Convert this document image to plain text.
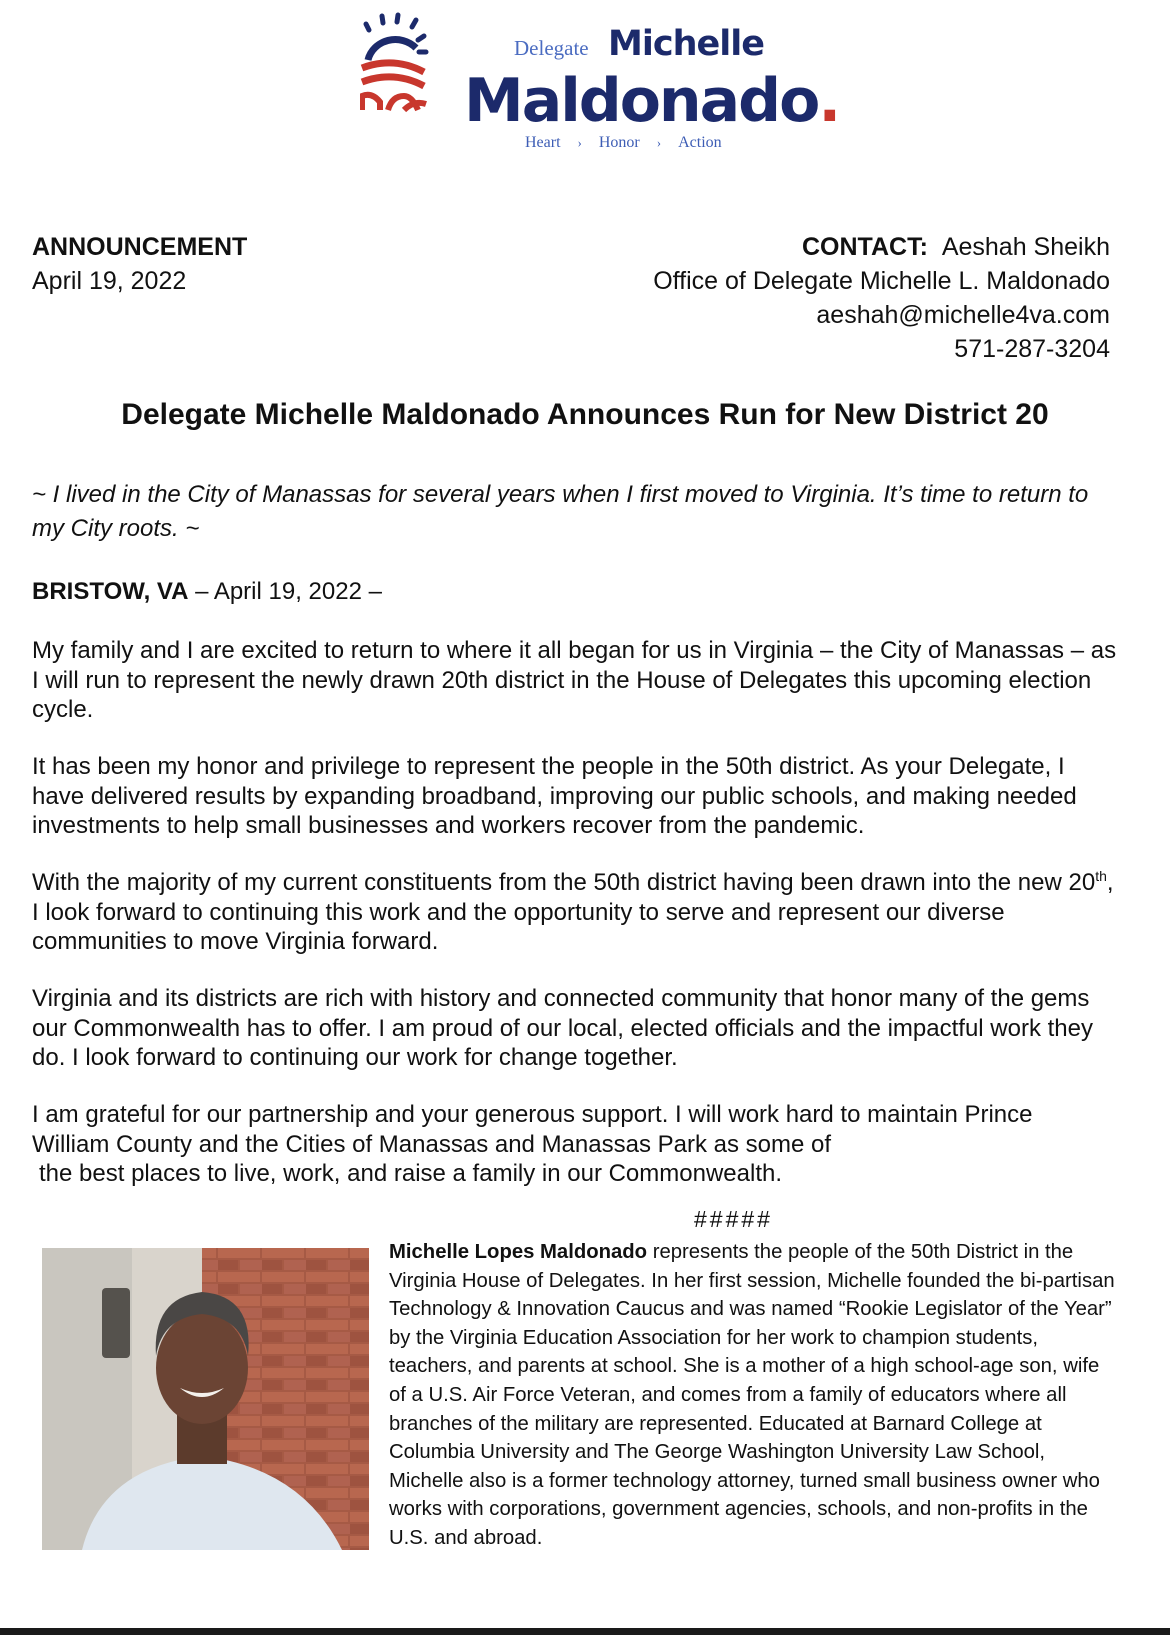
Delegate Michelle
Maldonado.
Heart › Honor › Action
ANNOUNCEMENT
April 19, 2022
CONTACT: Aeshah Sheikh
Office of Delegate Michelle L. Maldonado
aeshah@michelle4va.com
571-287-3204
Delegate Michelle Maldonado Announces Run for New District 20
~ I lived in the City of Manassas for several years when I first moved to Virginia. It’s time to return to my City roots. ~
BRISTOW, VA – April 19, 2022 –

My family and I are excited to return to where it all began for us in Virginia – the City of Manassas – as I will run to represent the newly drawn 20th district in the House of Delegates this upcoming election cycle.

It has been my honor and privilege to represent the people in the 50th district. As your Delegate, I have delivered results by expanding broadband, improving our public schools, and making needed investments to help small businesses and workers recover from the pandemic.

With the majority of my current constituents from the 50th district having been drawn into the new 20th, I look forward to continuing this work and the opportunity to serve and represent our diverse communities to move Virginia forward.

Virginia and its districts are rich with history and connected community that honor many of the gems our Commonwealth has to offer. I am proud of our local, elected officials and the impactful work they do. I look forward to continuing our work for change together.

I am grateful for our partnership and your generous support. I will work hard to maintain Prince
William County and the Cities of Manassas and Manassas Park as some of
the best places to live, work, and raise a family in our Commonwealth.

#####
Michelle Lopes Maldonado represents the people of the 50th District in the Virginia House of Delegates. In her first session, Michelle founded the bi-partisan Technology & Innovation Caucus and was named “Rookie Legislator of the Year” by the Virginia Education Association for her work to champion students, teachers, and parents at school. She is a mother of a high school-age son, wife of a U.S. Air Force Veteran, and comes from a family of educators where all branches of the military are represented. Educated at Barnard College at Columbia University and The George Washington University Law School, Michelle also is a former technology attorney, turned small business owner who works with corporations, government agencies, schools, and non-profits in the U.S. and abroad.
